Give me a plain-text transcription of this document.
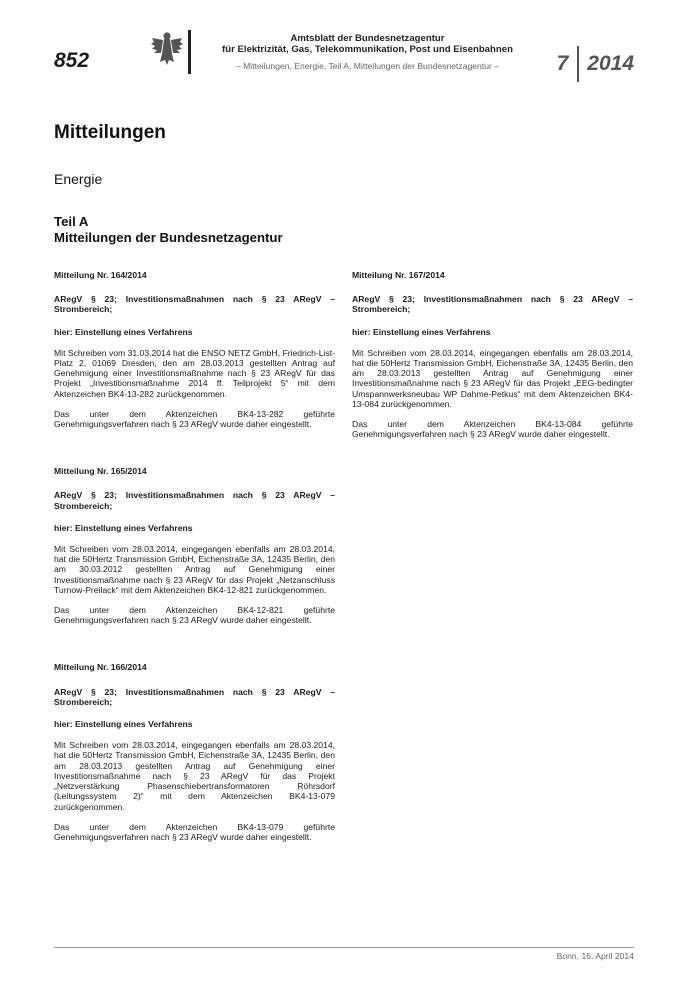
852
Amtsblatt der Bundesnetzagentur
für Elektrizität, Gas, Telekommunikation, Post und Eisenbahnen
– Mitteilungen, Energie, Teil A, Mitteilungen der Bundesnetzagentur –	7 2014
Mitteilungen
Energie
Teil A
Mitteilungen der Bundesnetzagentur
Mitteilung Nr. 164/2014
ARegV § 23; Investitionsmaßnahmen nach § 23 ARegV – Strombereich;
hier: Einstellung eines Verfahrens
Mit Schreiben vom 31.03.2014 hat die ENSO NETZ GmbH, Friedrich-List-Platz 2, 01069 Dresden, den am 28.03.2013 gestellten Antrag auf Genehmigung einer Investitionsmaßnahme nach § 23 ARegV für das Projekt „Investitionsmaßnahme 2014 ff. Teilprojekt 5“ mit dem Aktenzeichen BK4-13-282 zurückgenommen.
Das unter dem Aktenzeichen BK4-13-282 geführte Genehmigungsverfahren nach § 23 ARegV wurde daher eingestellt.
Mitteilung Nr. 165/2014
ARegV § 23; Investitionsmaßnahmen nach § 23 ARegV – Strombereich;
hier: Einstellung eines Verfahrens
Mit Schreiben vom 28.03.2014, eingegangen ebenfalls am 28.03.2014, hat die 50Hertz Transmission GmbH, Eichenstraße 3A, 12435 Berlin, den am 30.03.2012 gestellten Antrag auf Genehmigung einer Investitionsmaßnahme nach § 23 ARegV für das Projekt „Netzanschluss Turnow-Preilack“ mit dem Aktenzeichen BK4-12-821 zurückgenommen.
Das unter dem Aktenzeichen BK4-12-821 geführte Genehmigungsverfahren nach § 23 ARegV wurde daher eingestellt.
Mitteilung Nr. 166/2014
ARegV § 23; Investitionsmaßnahmen nach § 23 ARegV – Strombereich;
hier: Einstellung eines Verfahrens
Mit Schreiben vom 28.03.2014, eingegangen ebenfalls am 28.03.2014, hat die 50Hertz Transmission GmbH, Eichenstraße 3A, 12435 Berlin, den am 28.03.2013 gestellten Antrag auf Genehmigung einer Investitionsmaßnahme nach § 23 ARegV für das Projekt „Netzverstärkung Phasenschiebertransformatoren Röhrsdorf (Leitungssystem 2)“ mit dem Aktenzeichen BK4-13-079 zurückgenommen.
Das unter dem Aktenzeichen BK4-13-079 geführte Genehmigungsverfahren nach § 23 ARegV wurde daher eingestellt.
Mitteilung Nr. 167/2014
ARegV § 23; Investitionsmaßnahmen nach § 23 ARegV – Strombereich;
hier: Einstellung eines Verfahrens
Mit Schreiben vom 28.03.2014, eingegangen ebenfalls am 28.03.2014, hat die 50Hertz Transmission GmbH, Eichenstraße 3A, 12435 Berlin, den am 28.03.2013 gestellten Antrag auf Genehmigung einer Investitionsmaßnahme nach § 23 ARegV für das Projekt „EEG-bedingter Umspannwerksneubau WP Dahme-Petkus“ mit dem Aktenzeichen BK4-13-084 zurückgenommen.
Das unter dem Aktenzeichen BK4-13-084 geführte Genehmigungsverfahren nach § 23 ARegV wurde daher eingestellt.
Bonn, 16. April 2014
